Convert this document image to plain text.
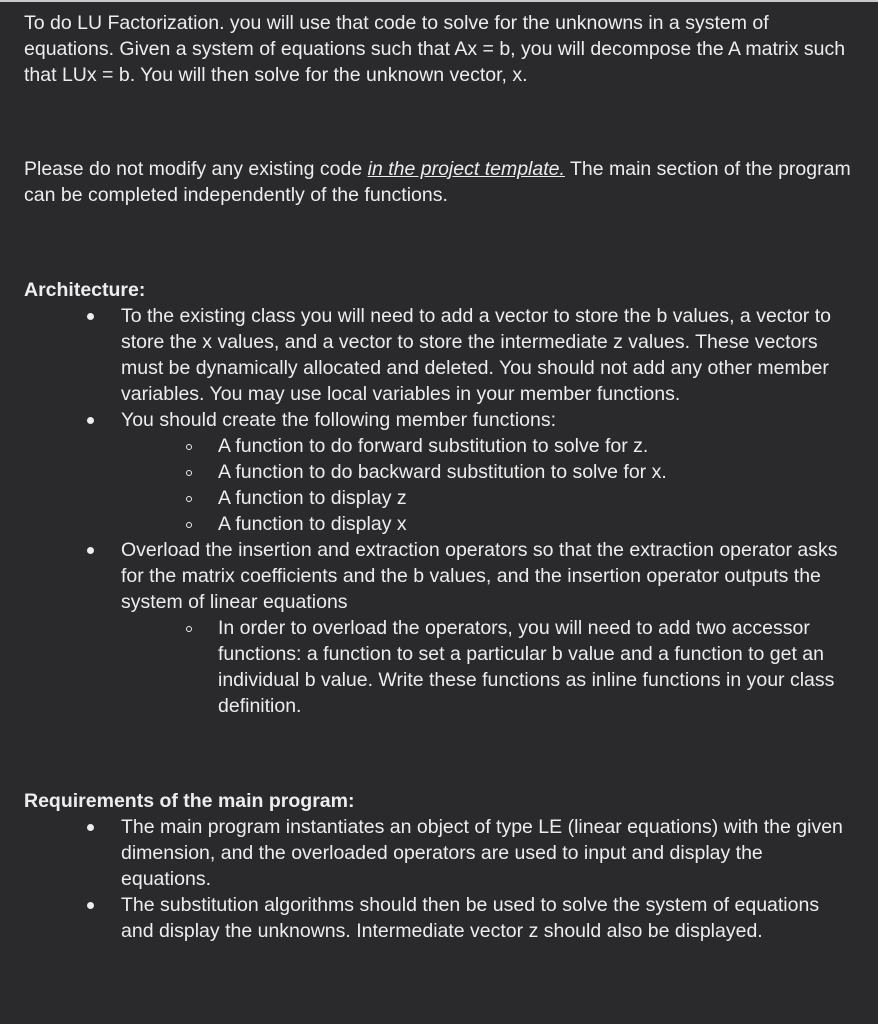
To do LU Factorization. you will use that code to solve for the unknowns in a system of equations. Given a system of equations such that Ax = b, you will decompose the A matrix such that LUx = b. You will then solve for the unknown vector, x.

Please do not modify any existing code in the project template. The main section of the program can be completed independently of the functions.

Architecture:
To the existing class you will need to add a vector to store the b values, a vector to store the x values, and a vector to store the intermediate z values. These vectors must be dynamically allocated and deleted. You should not add any other member variables. You may use local variables in your member functions.
You should create the following member functions:
A function to do forward substitution to solve for z.
A function to do backward substitution to solve for x.
A function to display z
A function to display x
Overload the insertion and extraction operators so that the extraction operator asks for the matrix coefficients and the b values, and the insertion operator outputs the system of linear equations
In order to overload the operators, you will need to add two accessor functions: a function to set a particular b value and a function to get an individual b value. Write these functions as inline functions in your class definition.
Requirements of the main program:
The main program instantiates an object of type LE (linear equations) with the given dimension, and the overloaded operators are used to input and display the equations.
The substitution algorithms should then be used to solve the system of equations and display the unknowns. Intermediate vector z should also be displayed.
